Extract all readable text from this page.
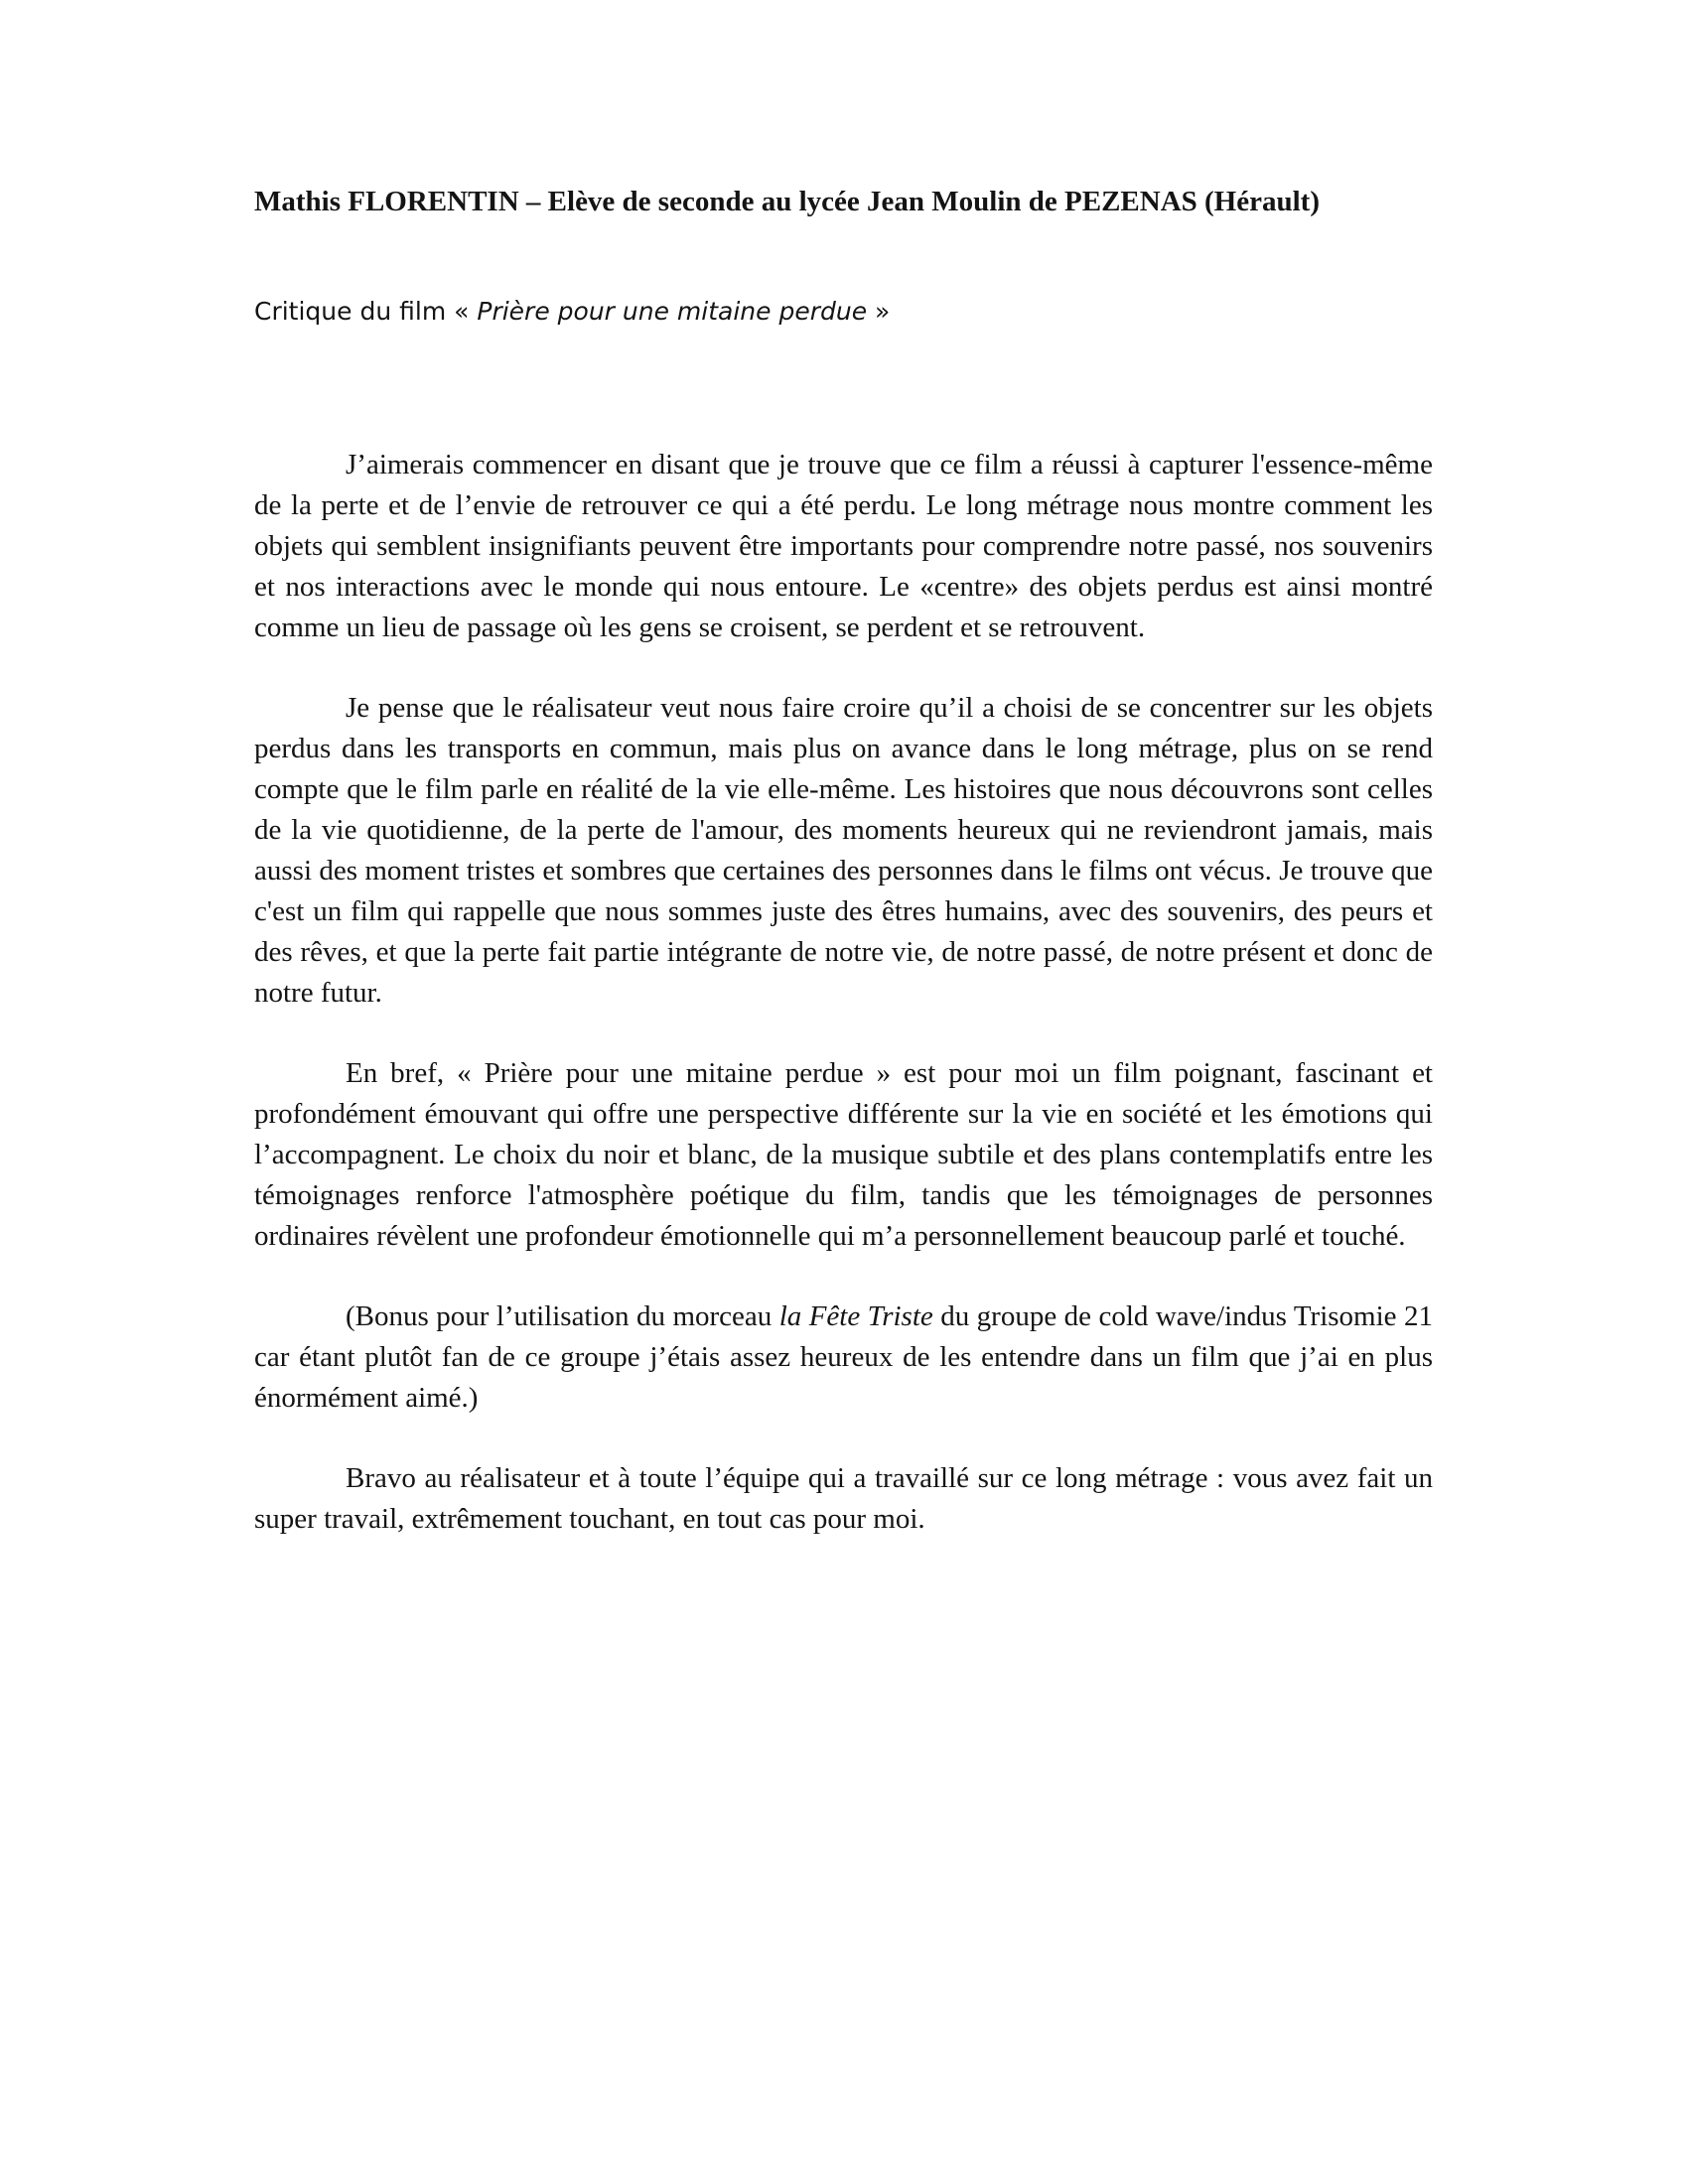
Mathis FLORENTIN – Elève de seconde au lycée Jean Moulin de PEZENAS (Hérault)
Critique du film « Prière pour une mitaine perdue »

J’aimerais commencer en disant que je trouve que ce film a réussi à capturer l'essence-même de la perte et de l’envie de retrouver ce qui a été perdu. Le long métrage nous montre comment les objets qui semblent insignifiants peuvent être importants pour comprendre notre passé, nos souvenirs et nos interactions avec le monde qui nous entoure. Le «centre» des objets perdus est ainsi montré comme un lieu de passage où les gens se croisent, se perdent et se retrouvent.

Je pense que le réalisateur veut nous faire croire qu’il a choisi de se concentrer sur les objets perdus dans les transports en commun, mais plus on avance dans le long métrage, plus on se rend compte que le film parle en réalité de la vie elle-même. Les histoires que nous découvrons sont celles de la vie quotidienne, de la perte de l'amour, des moments heureux qui ne reviendront jamais, mais aussi des moment tristes et sombres que certaines des personnes dans le films ont vécus. Je trouve que c'est un film qui rappelle que nous sommes juste des êtres humains, avec des souvenirs, des peurs et des rêves, et que la perte fait partie intégrante de notre vie, de notre passé, de notre présent et donc de notre futur.

En bref, « Prière pour une mitaine perdue » est pour moi un film poignant, fascinant et profondément émouvant qui offre une perspective différente sur la vie en société et les émotions qui l’accompagnent. Le choix du noir et blanc, de la musique subtile et des plans contemplatifs entre les témoignages renforce l'atmosphère poétique du film, tandis que les témoignages de personnes ordinaires révèlent une profondeur émotionnelle qui m’a personnellement beaucoup parlé et touché.

(Bonus pour l’utilisation du morceau la Fête Triste du groupe de cold wave/indus Trisomie 21 car étant plutôt fan de ce groupe j’étais assez heureux de les entendre dans un film que j’ai en plus énormément aimé.)

Bravo au réalisateur et à toute l’équipe qui a travaillé sur ce long métrage : vous avez fait un super travail, extrêmement touchant, en tout cas pour moi.
